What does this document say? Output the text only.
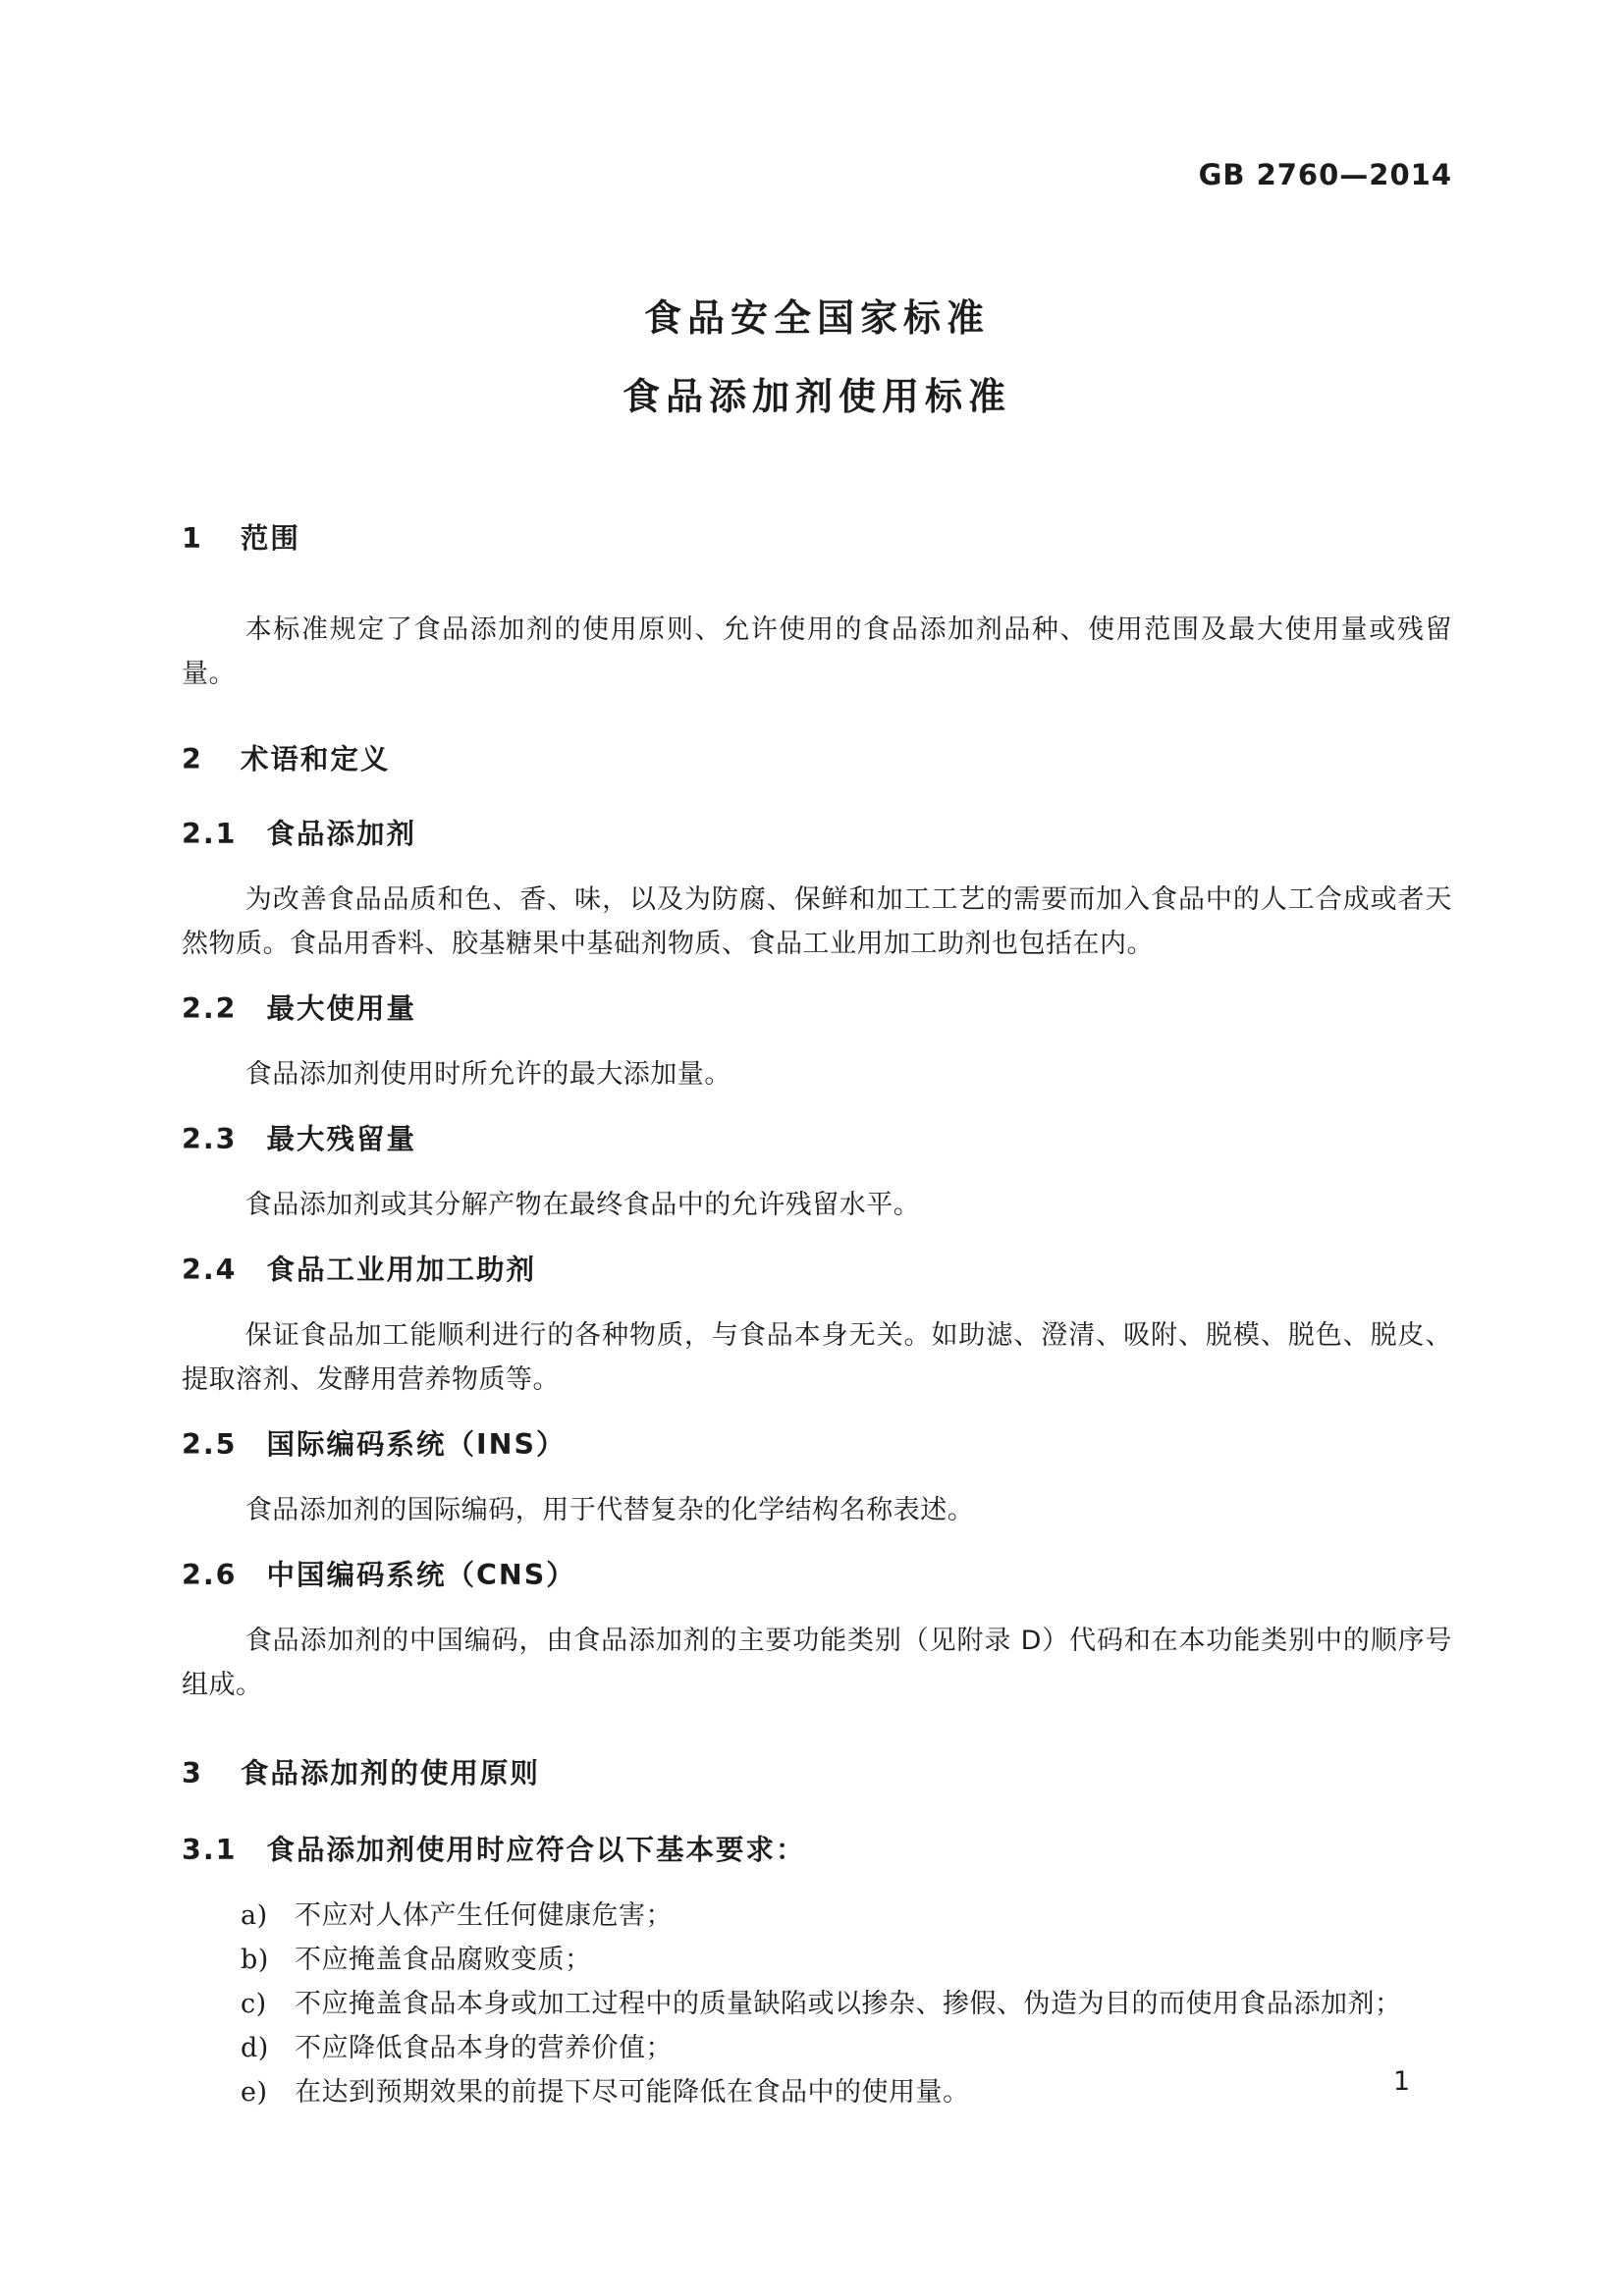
GB 2760—2014
食品安全国家标准
食品添加剂使用标准
1 范围

本标准规定了食品添加剂的使用原则、允许使用的食品添加剂品种、使用范围及最大使用量或残留量。

2 术语和定义
2.1 食品添加剂

为改善食品品质和色、香、味，以及为防腐、保鲜和加工工艺的需要而加入食品中的人工合成或者天然物质。食品用香料、胶基糖果中基础剂物质、食品工业用加工助剂也包括在内。

2.2 最大使用量

食品添加剂使用时所允许的最大添加量。

2.3 最大残留量

食品添加剂或其分解产物在最终食品中的允许残留水平。

2.4 食品工业用加工助剂

保证食品加工能顺利进行的各种物质，与食品本身无关。如助滤、澄清、吸附、脱模、脱色、脱皮、提取溶剂、发酵用营养物质等。

2.5 国际编码系统（INS）

食品添加剂的国际编码，用于代替复杂的化学结构名称表述。

2.6 中国编码系统（CNS）

食品添加剂的中国编码，由食品添加剂的主要功能类别（见附录 D）代码和在本功能类别中的顺序号组成。

3 食品添加剂的使用原则
3.1 食品添加剂使用时应符合以下基本要求：
a) 不应对人体产生任何健康危害；
b) 不应掩盖食品腐败变质；
c) 不应掩盖食品本身或加工过程中的质量缺陷或以掺杂、掺假、伪造为目的而使用食品添加剂；
d) 不应降低食品本身的营养价值；
e) 在达到预期效果的前提下尽可能降低在食品中的使用量。	1
